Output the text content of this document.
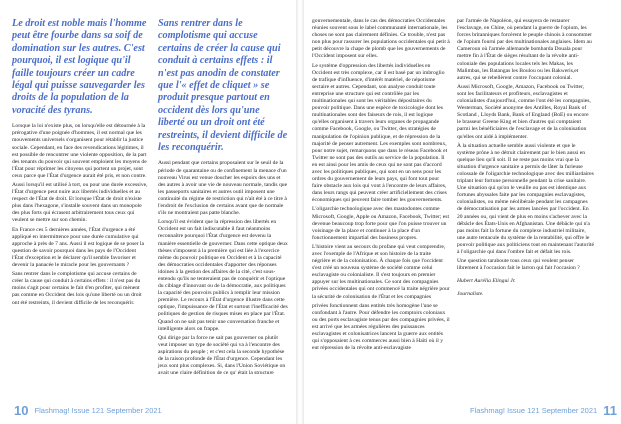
Le droit est noble mais l'homme peut être fourbe dans sa soif de domination sur les autres. C'est pourquoi, il est logique qu'il faille toujours créer un cadre légal qui puisse sauvegarder les droits de la population de la voracité des tyrans.

Lorsque la loi n'existe plus, on lorsqu'elle est détournée à la prérogative d'une poignée d'hommes, il est normal que les mouvements universels s'organisent pour rétablir la justice sociale. Cependant, en face des revendications légitimes, il est possible de rencontrer une violente opposition, de la part des tenants du pouvoir qui souvent emploient les moyens de l'État pour réprimer les citoyens qui portent un projet, sont ceux parce que l'État d'urgence aurait été pris, et non contre.

Aussi lorsqu'il est utilisé à tort, ou pour une durée excessive, l'État d'urgence peut nuire aux libertés individuelles et au respect de l'État de droit. Et lorsque l'État de droit n'existe plus dans l'hexagone, s'installe souvent dans un monopole des plus forts qui écrasent arbitrairement tous ceux qui veulent se mettre sur son chemin.

En France ces 5 dernières années, l'État d'urgence a été appliqué en intermittence pour une durée cumulative qui approche à près de 7 ans. Aussi il est logique de se poser la question de savoir pourquoi dans les pays de l'Occident l'État d'exception et le déclarer qu'il semble favoriser et devenir la panacée le miracle pour les gouvernants ?

Sans rentrer dans le complotisme qui accuse certains de créer la cause qui conduit à certains effets : il n'est pas du moins s'agit pour certains le fait d'en profiter, qui mènent pas comme en Occident des lois qu'une liberté ou un droit ont été restreints, il devient difficile de les reconquérir.

Sans rentrer dans le complotisme qui accuse certains de créer la cause qui conduit à certains effets : il n'est pas anodin de constater que l'« effet de cliquet » se produit presque partout en occident dès lors qu'une liberté ou un droit ont été restreints, il devient difficile de les reconquérir.

Aussi pendant que certains proposaient sur le seuil de la période de quarantaine ou de confinement la menace d'un nouveau Virus est venue doucher les espoirs des uns et des autres à avoir une vie de nouveau normale, tandis que les passeports sanitaires et autres outil imposent une continuité du régime de restriction qui n'ait été à ce titre à l'endroit de l'exclusion de certains avant que de normale s'ils ne montraient pas patte blanche.

Lorsqu'il est évident que la répression des libertés en Occident est un fait indiscutable il faut néanmoins reconnaître pourquoi l'État d'urgence est devenu la manière essentielle de gouverner. Dans cette optique deux thèses s'imposent à la première qui est liée à l'exercice même du pouvoir politique en Occident et à la capacité des démocraties occidentales d'apporter des réponses idoines à la gestion des affaires de la cité, c'est sous-entendu qu'ils ne tenteraient pas de conquérir et l'optique du ciblage d'innovant ou de la démocratie, aux politiques la capacité des pouvoirs publics à remplir leur mission première. Le recours à l'État d'urgence illustre dans cette optique, l'impuissance de l'État et surtout l'inefficacité des politiques de gestion de risques mises en place par l'État. Quand on ne sait pas tenir une conversation franche et intelligente alors on frappe.

Qui dirige par la force ne sait pas gouverner ou plutôt veut imposer un type de société qui va à l'encontre des aspirations du peuple ; et c'est cela la seconde hypothèse de la raison profonde de l'État d'urgence. Cependant les jeux sont plus complexes. Si, dans l'Union Soviétique on avait une claire définition de ce qu' était la structure

gouvernementale, dans le cas des démocraties Occidentales réunies souvent sous le label communauté internationale, les choses ne sont pas clairement définies. Ce trouble, n'est pas non plus pour rassurer les populations occidentales qui petit à petit découvre la chape de plomb que les gouvernements de l'Occident imposent sur elles.

Le système d'oppression des libertés individuelles en Occident est très complexe, car il est basé par un imbroglio de trafique d'influence, d'intérêt matériel, de népotisme sectaire et autres. Cependant, son analyse conduit toute entreprise une structure qui est contrôlée par les multinationales qui sont les véritables dépositaires du pouvoir politique. Dans une espèce de toxicologie dont les multinationales sont des faiseurs de rois, il est logique qu'elles organisent à travers leurs organes de propagande comme Facebook, Google, ou Twitter, des stratégies de manipulation de l'opinion publique, et de répression de la majorité de penser autrement. Les exemples sont nombreux, pour notre sujet, remarquons que dans le réseau Facebook et Twitter ne sont pas des outils au service de la population. Il en est ainsi pour les amis de ceux qui ne sont pas d'accord avec les politiques publiques, qui sont en un sens pour les ordres du gouvernement de leurs pays, qui font tout pour faire obstacle aux lois qui vont à l'encontre de leurs affaires, dans leurs rangs qui peuvent créer artificiellement des crises économiques qui peuvent faire tomber les gouvernements.

L'oligarchie technologique avec des mastodontes comme Microsoft, Google, Apple ou Amazon, Facebook, Twitter; est devenue beaucoup trop forte pour que l'on puisse trouver un voisinage de la place et continuer à la place d'un fonctionnement impartial des business propres.

L'histoire vient au secours du profane qui veut comprendre, avec l'exemple de l'Afrique et son histoire de la traite négrière et de la colonisation. À chaque fois que l'occident s'est créé un nouveau système de société comme celui esclavagiste ou colonialiste. Il s'est toujours en premier appuyer sur les multinationales. Ce sont des compagnies privées occidentales qui ont commencé la traite négrière pour la sécurité de colonisation de l'État et les compagnies

privées fonctionnent dans entités très homogène l'une se confondant à l'autre. Pour défendre les comptoirs coloniaux ou des ports esclavagiste tenus par des compagnies privées, il est arrivé que les armées régulières des puissances esclavagistes et colonisatrices lancent la guerre aux entités qui s'opposaient à ces commerces aussi bien à Haïti où il y eut répression de la révolte anti-esclavagiste

par l'armée de Napoléon, qui essayera de restaurer l'esclavage, en Chine, où pendant la guerre de l'opium, les forces britanniques forcèrent le peuple chinois à consommer de l'opium fourni par des multinationales anglaises. Idem au Cameroun où l'armée allemande bombarda Douala pour mettre fin à l'État de sièges résultant de la révolte anti-coloniale des populations locales tels les Makas, les Malimbas, les Batangas les Boulou ou les Bakweris,et autres, qui se rebellèrent contre l'occupant colonial.

Aussi Microsoft, Google, Amazon, Facebook ou Twitter, sont les facilitateurs et profiteurs, esclavagistes et colonialistes d'aujourd'hui, comme l'ont été les compagnies, Westerman, Société anonyme des Antilles, Royal Bank of Scotland , Lloyds Bank, Bank of England (BoE) ou encore le brasseur Greene King et bien d'autres qui comptaient parmi les bénéficiaires de l'esclavage et de la colonisation qu'elles ont aidé à implémenter.

À la situation actuelle semble aussi violente et que le système prône à ne détruit clairement par le bien aussi en quelque lieu qu'il soit. Il ne reste pas moins vrai que la situation d'urgence sanitaire a permis de lâter la furieuse colossale de l'oligarchie technologique avec des milliardaires triplant leur fortune personnelle pendant la crise sanitaire. Une situation qui qu'on le veuille ou pas est identique aux fortunes abyssales faite par les compagnies esclavagistes, colonialistes, ou même néolibérale pendant les campagnes de démocratisation par les armes lancées par l'occident. En 20 années ou, qui vient de plus en moins s'achever avec la débâcle des États-Unis en Afghanistan. Une débâcle qui n'a pas moins fait la fortune du complexe industriel militaire, une autre tentacule du système de la rentabilité, qui offre le pouvoir politique aux politiciens tout en maintenant l'autorité à l'oligarchie qui dans l'ombre fait et défait les rois.

Une question taraboute tous ceux qui veulent penser librement à l'occasion fait le larron qui fait l'occasion ?

Hubert Aurélia Elingui Jr.

Journaliste.

10 Flashmag! Issue 121 September 2021	Flashmag! Issue 121 September 2021 11
